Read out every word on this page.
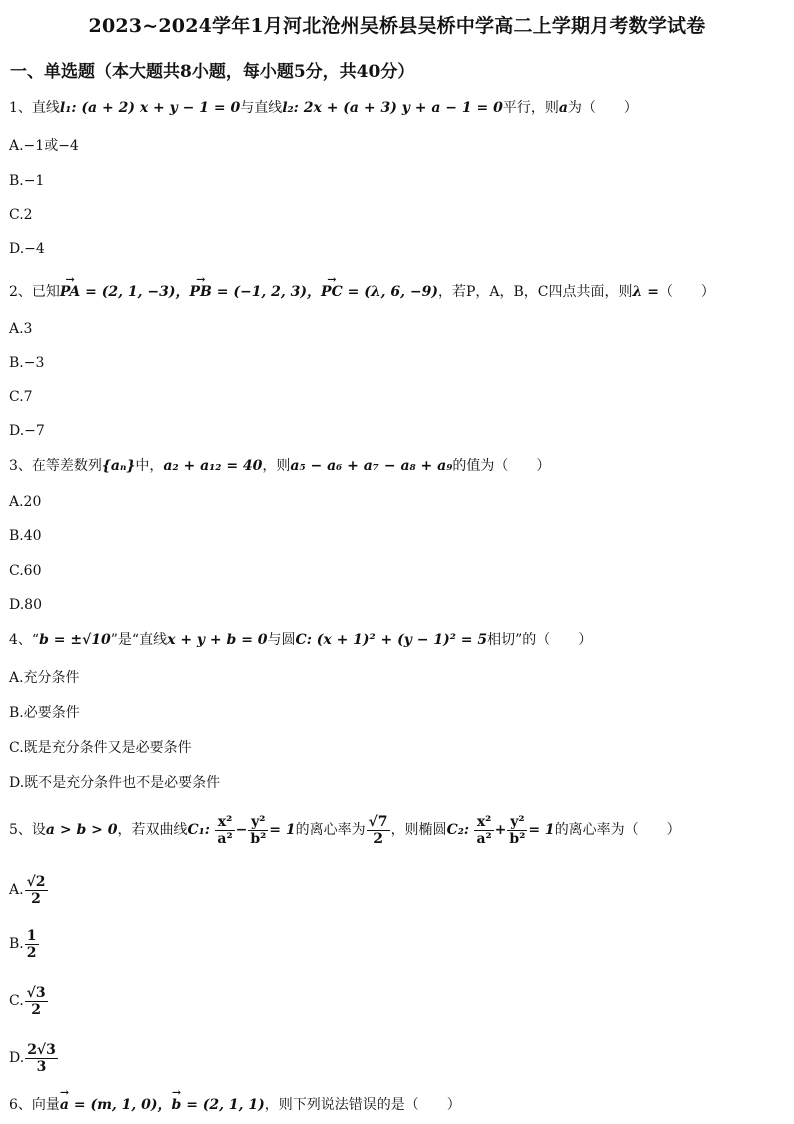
2023~2024学年1月河北沧州吴桥县吴桥中学高二上学期月考数学试卷
一、单选题（本大题共8小题，每小题5分，共40分）
1、直线l₁: (a + 2) x + y − 1 = 0与直线l₂: 2x + (a + 3) y + a − 1 = 0平行，则a为（　　）
A.−1或−4
B.−1
C.2
D.−4
2、已知→ PA = (2, 1, −3)，→ PB = (−1, 2, 3)，→ PC = (λ, 6, −9)，若P，A，B，C四点共面，则λ =（　　）
A.3
B.−3
C.7
D.−7
3、在等差数列{aₙ}中，a₂ + a₁₂ = 40，则a₅ − a₆ + a₇ − a₈ + a₉的值为（　　）
A.20
B.40
C.60
D.80
4、“b = ±√10”是“直线x + y + b = 0与圆C: (x + 1)² + (y − 1)² = 5相切”的（　　）
A.充分条件
B.必要条件
C.既是充分条件又是必要条件
D.既不是充分条件也不是必要条件
5、设a > b > 0，若双曲线C₁: $\frac{\text{x²}}{\text{a²}} - \frac{\text{y²}}{\text{b²}} = 1$的离心率为 $\frac{√7}{2}$ ，则椭圆C₂: $\frac{\text{x²}}{\text{a²}} + \frac{\text{y²}}{\text{b²}} = 1$的离心率为（　　）
A. $\frac{√2}{2}$
B. $\frac{1}{2}$
C. $\frac{√3}{2}$
D. $\frac{2√3}{3}$
6、向量→ a = (m, 1, 0)，→ b = (2, 1, 1)，则下列说法错误的是（　　）
